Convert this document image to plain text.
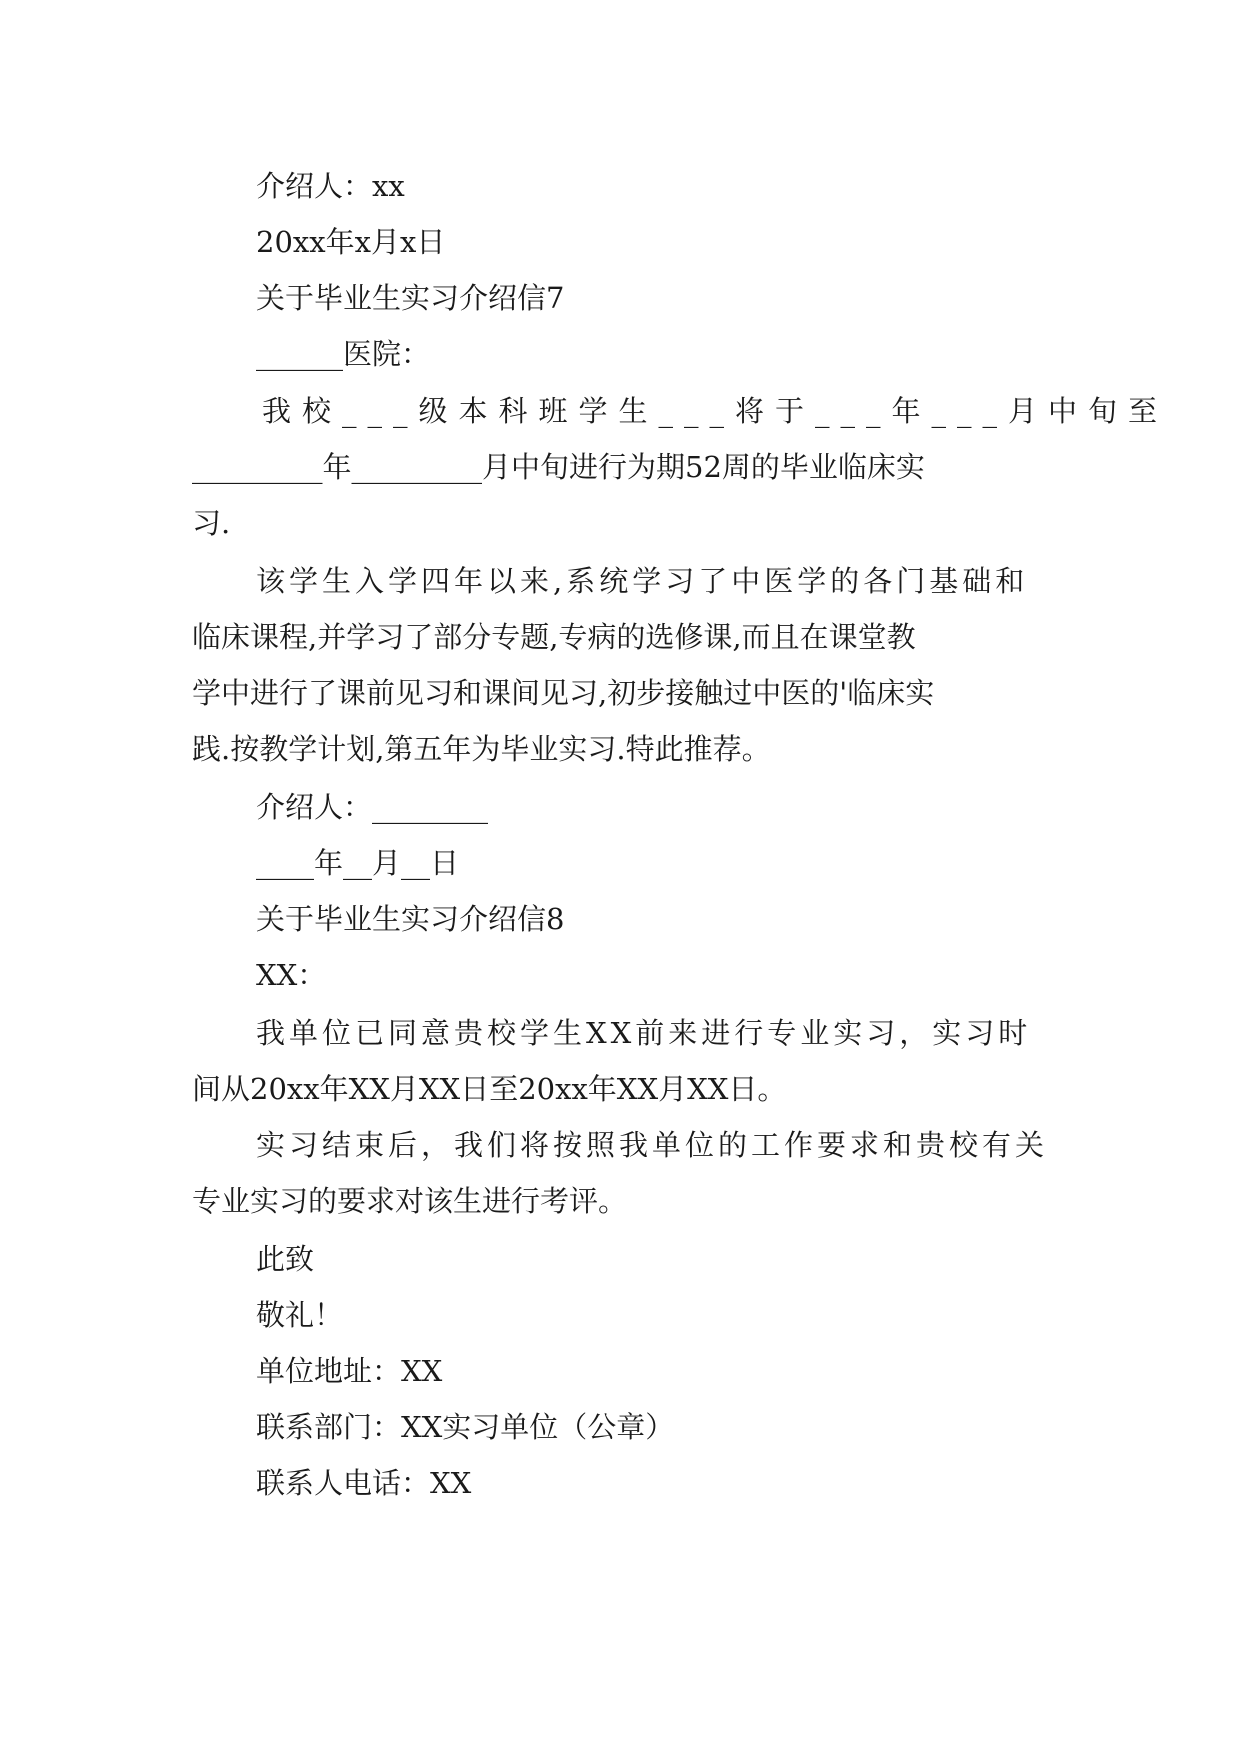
介绍人：xx
20xx年x月x日
关于毕业生实习介绍信7
______医院：
我校___级本科班学生___将于___年___月中旬至
_________年_________月中旬进行为期52周的毕业临床实
习.
该学生入学四年以来,系统学习了中医学的各门基础和
临床课程,并学习了部分专题,专病的选修课,而且在课堂教
学中进行了课前见习和课间见习,初步接触过中医的'临床实
践.按教学计划,第五年为毕业实习.特此推荐。
介绍人：________
____年__月__日
关于毕业生实习介绍信8
XX：
我单位已同意贵校学生XX前来进行专业实习，实习时
间从20xx年XX月XX日至20xx年XX月XX日。
实习结束后，我们将按照我单位的工作要求和贵校有关
专业实习的要求对该生进行考评。
此致
敬礼！
单位地址：XX
联系部门：XX实习单位（公章）
联系人电话：XX
